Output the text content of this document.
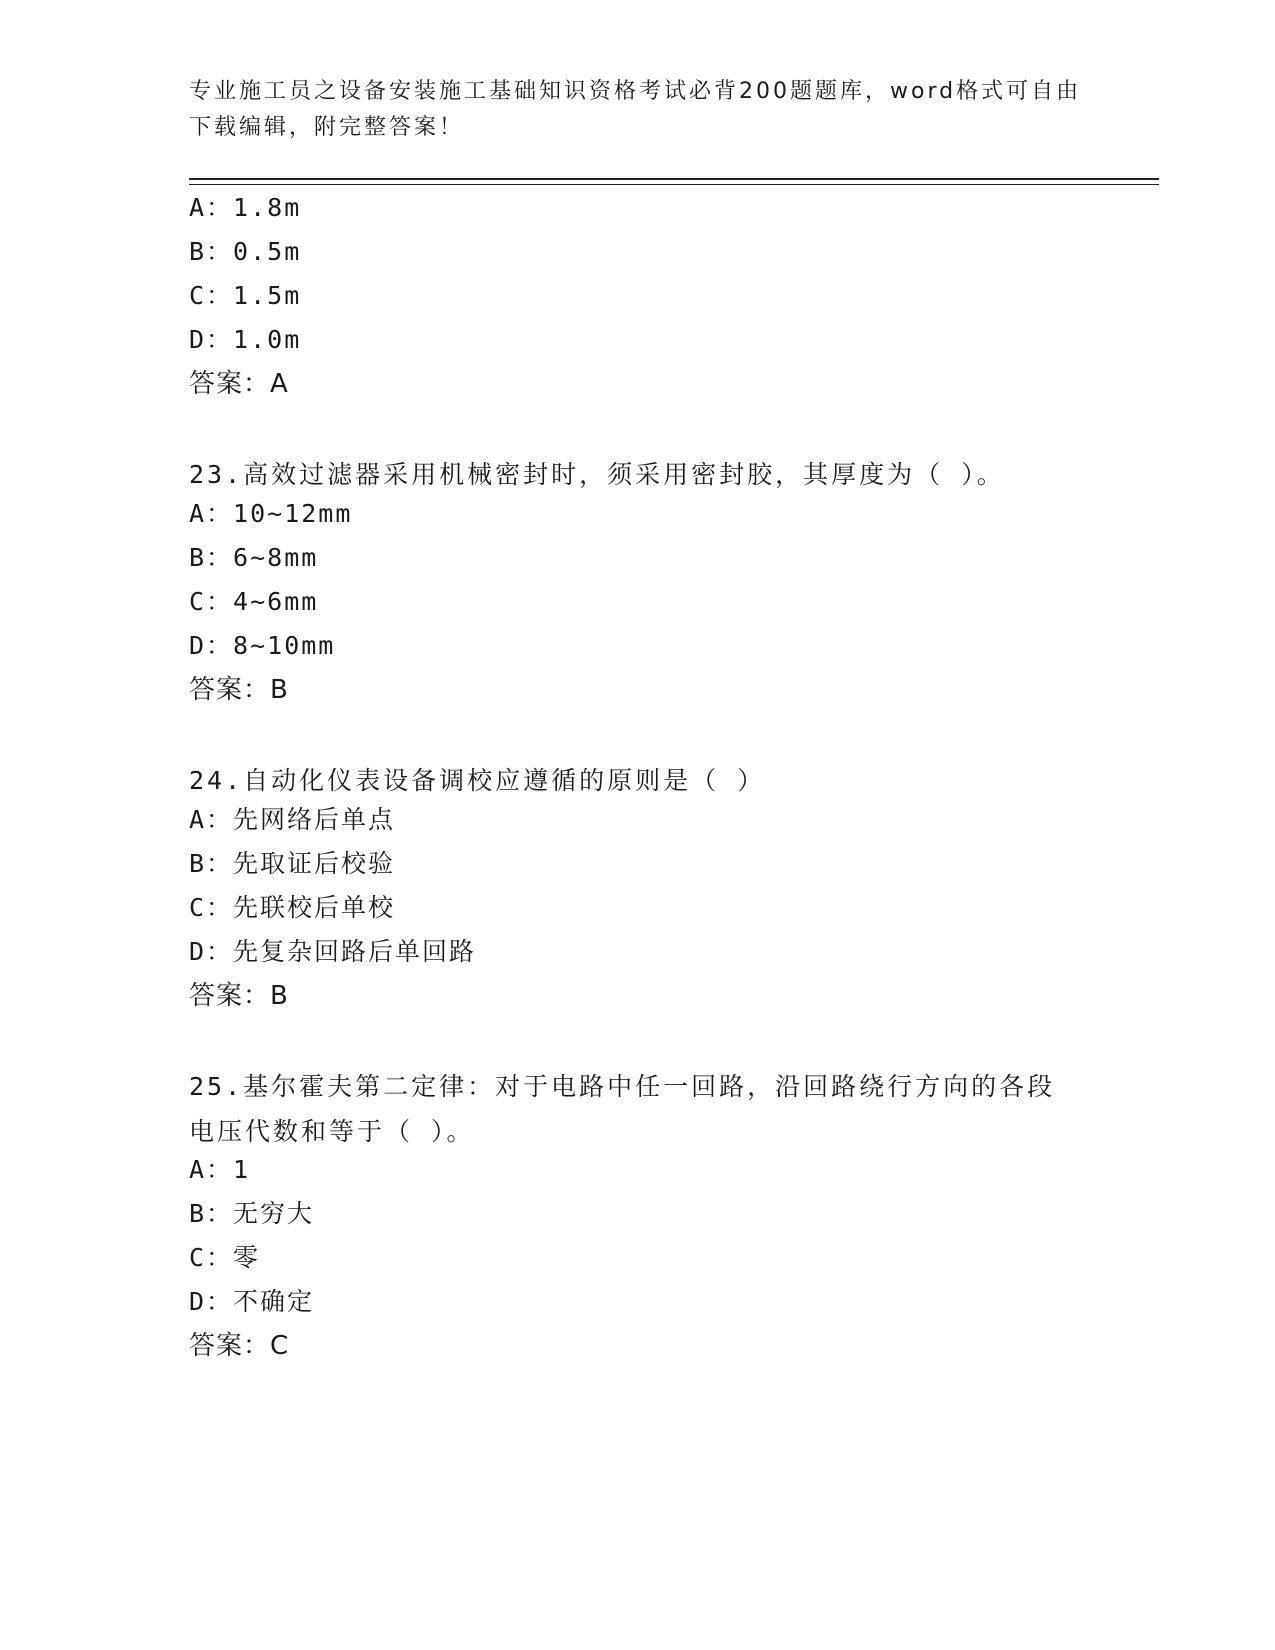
专业施工员之设备安装施工基础知识资格考试必背200题题库，word格式可自由
下载编辑，附完整答案！
A：1.8m
B：0.5m
C：1.5m
D：1.0m
答案：A
23.高效过滤器采用机械密封时，须采用密封胶，其厚度为（ ）。
A：10~12mm
B：6~8mm
C：4~6mm
D：8~10mm
答案：B
24.自动化仪表设备调校应遵循的原则是（ ）
A：先网络后单点
B：先取证后校验
C：先联校后单校
D：先复杂回路后单回路
答案：B
25.基尔霍夫第二定律：对于电路中任一回路，沿回路绕行方向的各段
电压代数和等于（ ）。
A：1
B：无穷大
C：零
D：不确定
答案：C
